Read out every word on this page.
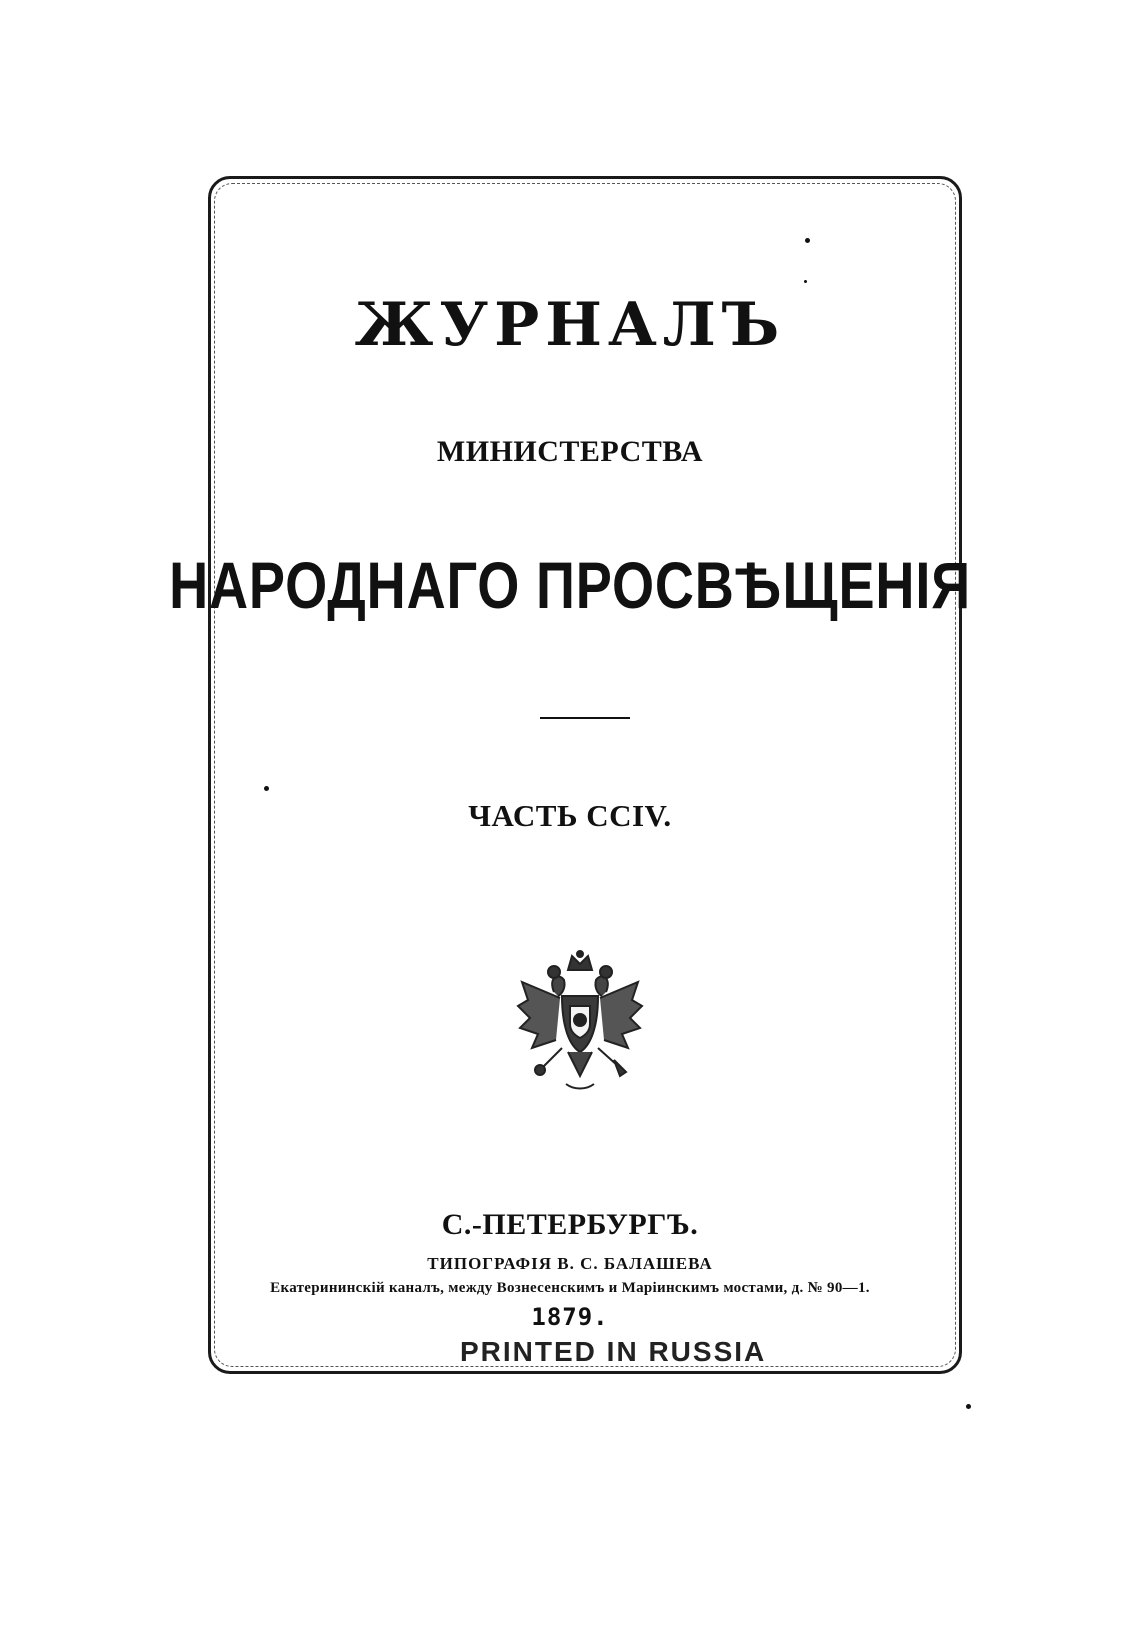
ЖУРНАЛЪ
МИНИСТЕРСТВА
НАРОДНАГО ПРОСВѢЩЕНІЯ
ЧАСТЬ CCIV.
С.-ПЕТЕРБУРГЪ.
ТИПОГРАФІЯ В. С. БАЛАШЕВА
Екатерининскій каналъ, между Вознесенскимъ и Маріинскимъ мостами, д. № 90—1.
1879.
PRINTED IN RUSSIA
